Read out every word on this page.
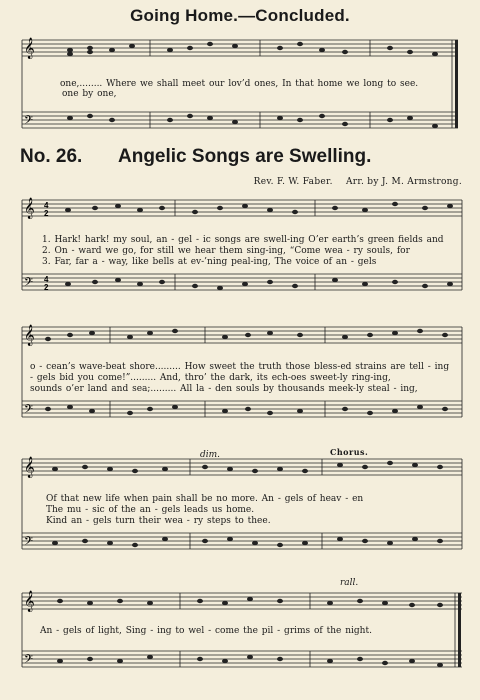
Going Home.—Concluded.
No. 26. Angelic Songs are Swelling.
Rev. F. W. Faber. Arr. by J. M. Armstrong.
𝄞
𝄢
𝄞 4
2
𝄢 4
2
𝄞
𝄢
𝄞
𝄢
𝄞
𝄢
one,........ Where we shall meet our lov’d ones, In that home we long to see.
one by one,
1. Hark! hark! my soul, an - gel - ic songs are swell-ing O’er earth’s green fields and
2. On - ward we go, for still we hear them sing-ing, “Come wea - ry souls, for
3. Far, far a - way, like bells at ev-’ning peal-ing, The voice of an - gels
o - cean’s wave-beat shore......... How sweet the truth those bless-ed strains are tell - ing
- gels bid you come!”......... And, thro’ the dark, its ech-oes sweet-ly ring-ing,
sounds o’er land and sea;......... All la - den souls by thousands meek-ly steal - ing,
dim.	Chorus.
Of that new life when pain shall be no more. An - gels of heav - en
The mu - sic of the an - gels leads us home.
Kind an - gels turn their wea - ry steps to thee.
rall.
An - gels of light, Sing - ing to wel - come the pil - grims of the night.
